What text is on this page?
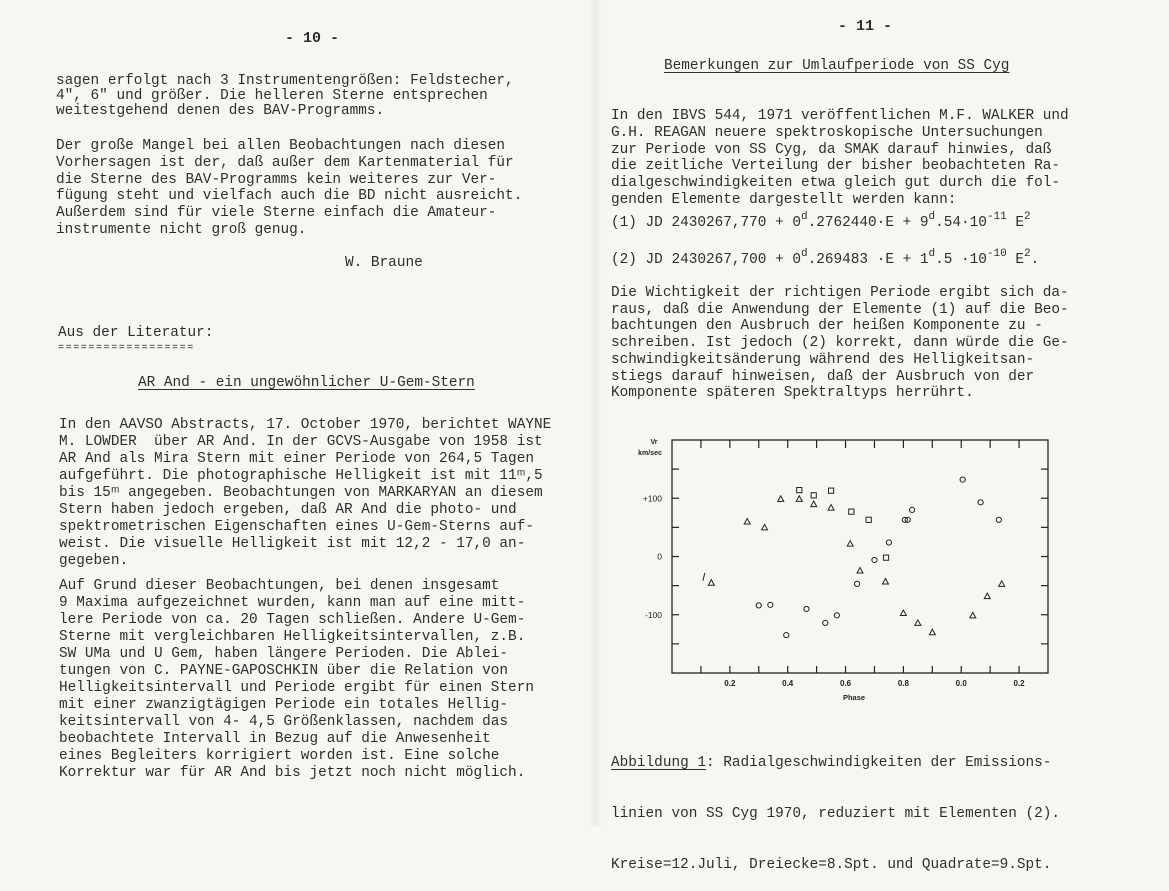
- 10 -
sagen erfolgt nach 3 Instrumentengrößen: Feldstecher,
4", 6" und größer. Die helleren Sterne entsprechen
weitestgehend denen des BAV-Programms.
Der große Mangel bei allen Beobachtungen nach diesen
Vorhersagen ist der, daß außer dem Kartenmaterial für
die Sterne des BAV-Programms kein weiteres zur Ver-
fügung steht und vielfach auch die BD nicht ausreicht.
Außerdem sind für viele Sterne einfach die Amateur-
instrumente nicht groß genug.
W. Braune
Aus der Literatur:
==================
AR And - ein ungewöhnlicher U-Gem-Stern
In den AAVSO Abstracts, 17. October 1970, berichtet WAYNE
M. LOWDER  über AR And. In der GCVS-Ausgabe von 1958 ist
AR And als Mira Stern mit einer Periode von 264,5 Tagen
aufgeführt. Die photographische Helligkeit ist mit 11ᵐ,5
bis 15ᵐ angegeben. Beobachtungen von MARKARYAN an diesem
Stern haben jedoch ergeben, daß AR And die photo- und
spektrometrischen Eigenschaften eines U-Gem-Sterns auf-
weist. Die visuelle Helligkeit ist mit 12,2 - 17,0 an-
gegeben.
Auf Grund dieser Beobachtungen, bei denen insgesamt
9 Maxima aufgezeichnet wurden, kann man auf eine mitt-
lere Periode von ca. 20 Tagen schließen. Andere U-Gem-
Sterne mit vergleichbaren Helligkeitsintervallen, z.B.
SW UMa und U Gem, haben längere Perioden. Die Ablei-
tungen von C. PAYNE-GAPOSCHKIN über die Relation von
Helligkeitsintervall und Periode ergibt für einen Stern
mit einer zwanzigtägigen Periode ein totales Hellig-
keitsintervall von 4- 4,5 Größenklassen, nachdem das
beobachtete Intervall in Bezug auf die Anwesenheit
eines Begleiters korrigiert worden ist. Eine solche
Korrektur war für AR And bis jetzt noch nicht möglich.
- 11 -
Bemerkungen zur Umlaufperiode von SS Cyg
In den IBVS 544, 1971 veröffentlichen M.F. WALKER und
G.H. REAGAN neuere spektroskopische Untersuchungen
zur Periode von SS Cyg, da SMAK darauf hinwies, daß
die zeitliche Verteilung der bisher beobachteten Ra-
dialgeschwindigkeiten etwa gleich gut durch die fol-
genden Elemente dargestellt werden kann:
(1) JD $2430267,770 + 0^d.2762440\cdot E + 9^d.54\cdot 10^{-11}$ $E^2$
(2) JD $2430267,700 + 0^d.269483 \cdot E + 1^d.5 \cdot 10^{-10}$ $E^2$.
Die Wichtigkeit der richtigen Periode ergibt sich da-
raus, daß die Anwendung der Elemente (1) auf die Beo-
bachtungen den Ausbruch der heißen Komponente zu -
schreiben. Ist jedoch (2) korrekt, dann würde die Ge-
schwindigkeitsänderung während des Helligkeitsan-
stiegs darauf hinweisen, daß der Ausbruch von der
Komponente späteren Spektraltyps herrührt.
0.2	0.4	0.6	0.8	0.0	0.2
+100
0
-100
Vr
km/sec
Phase

Abbildung 1: Radialgeschwindigkeiten der Emissions-

linien von SS Cyg 1970, reduziert mit Elementen (2).

Kreise=12.Juli, Dreiecke=8.Spt. und Quadrate=9.Spt.
